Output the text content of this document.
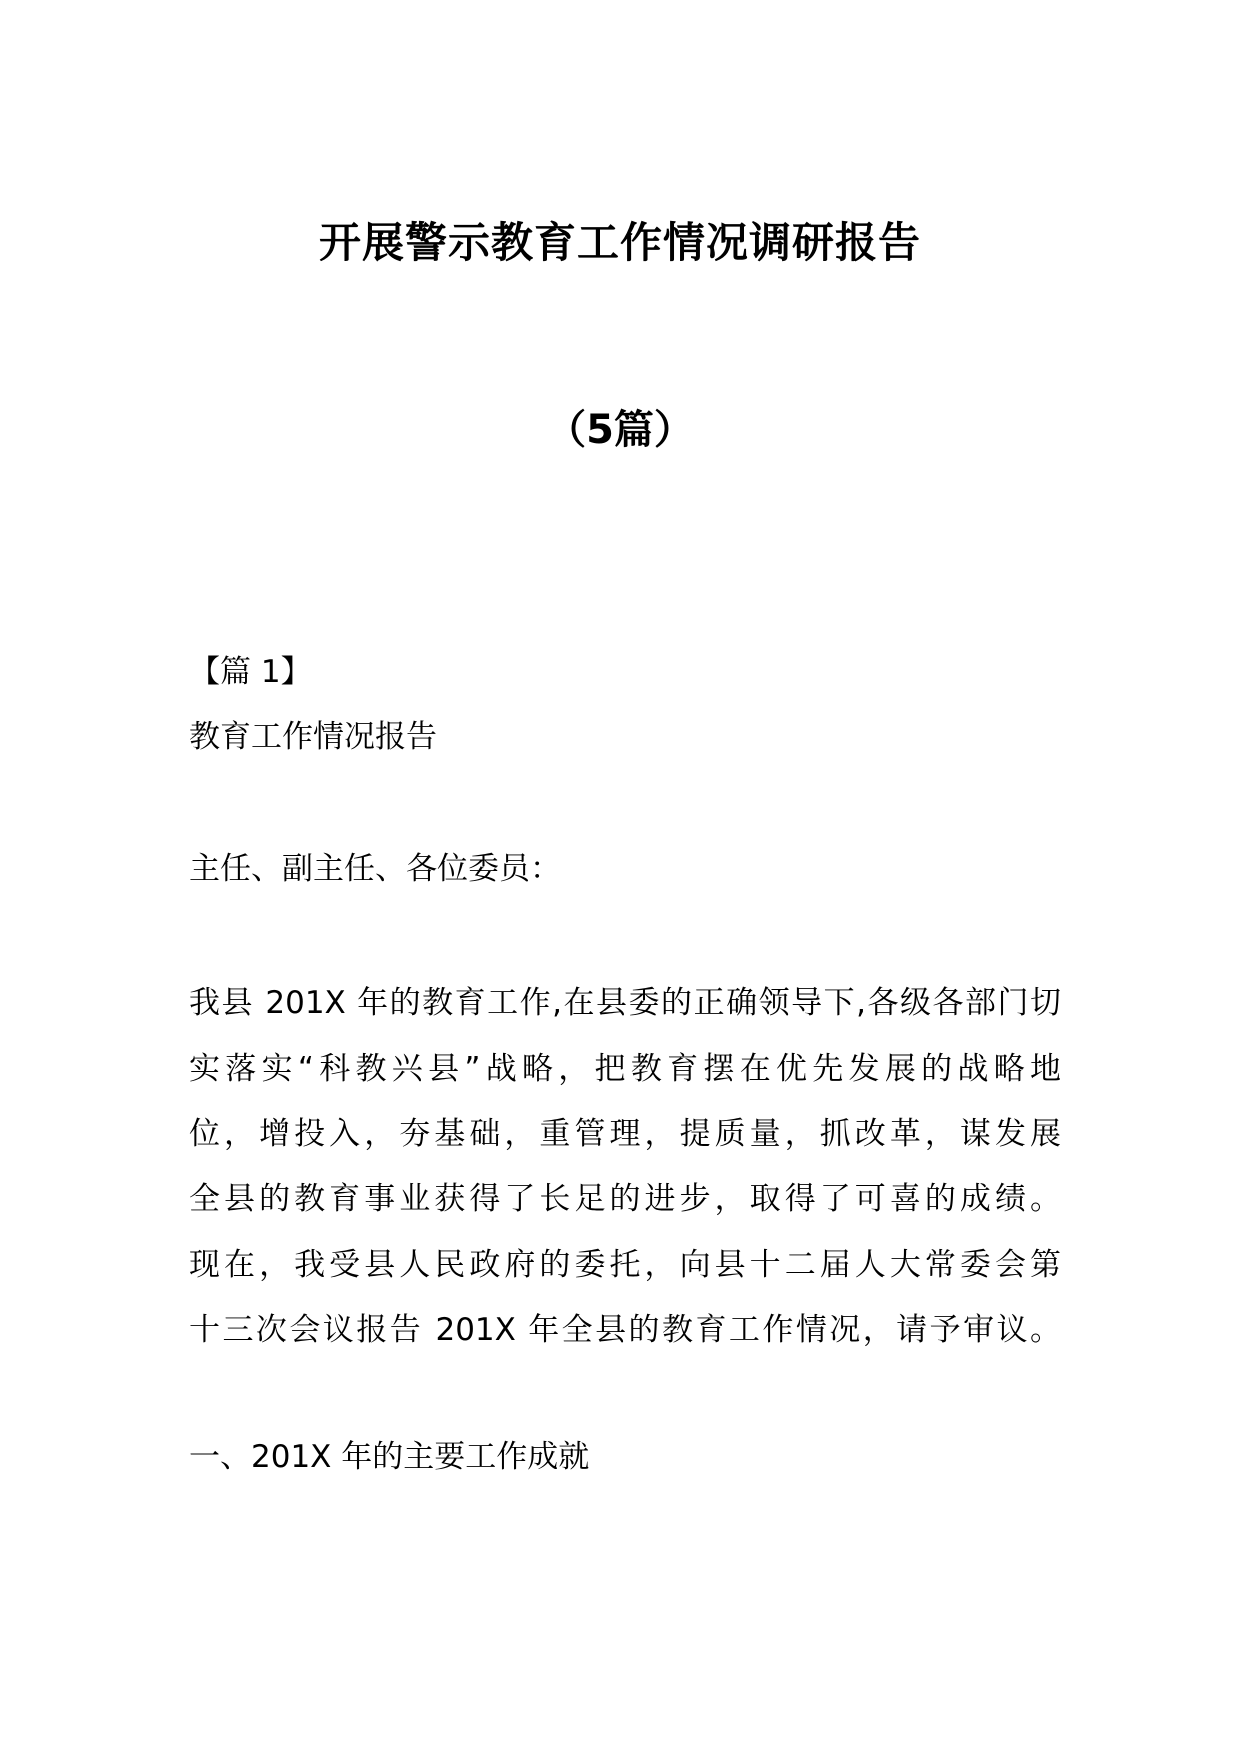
开展警示教育工作情况调研报告
（5篇）
【篇 1】
教育工作情况报告
主任、副主任、各位委员：
我县 201X 年的教育工作,在县委的正确领导下,各级各部门切
实落实“科教兴县”战略，把教育摆在优先发展的战略地
位，增投入，夯基础，重管理，提质量，抓改革，谋发展
全县的教育事业获得了长足的进步，取得了可喜的成绩。
现在，我受县人民政府的委托，向县十二届人大常委会第
十三次会议报告 201X 年全县的教育工作情况，请予审议。
一、201X 年的主要工作成就
